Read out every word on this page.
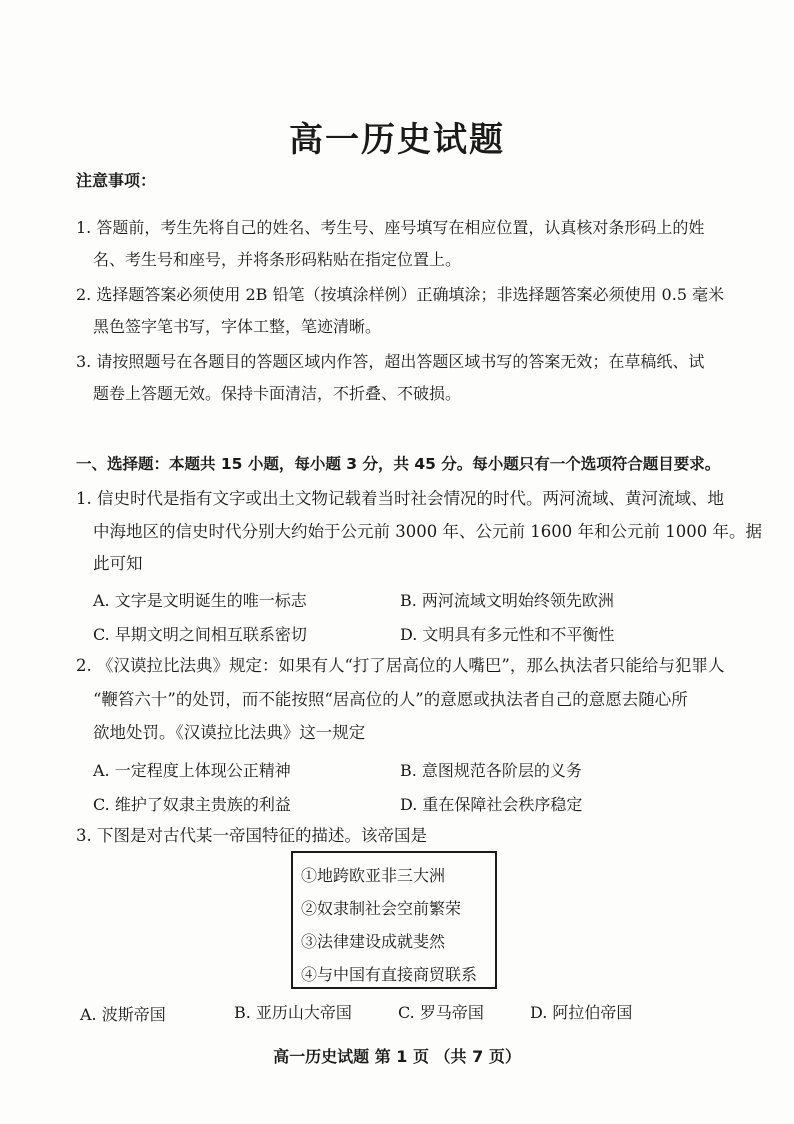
高一历史试题
注意事项：
1. 答题前，考生先将自己的姓名、考生号、座号填写在相应位置，认真核对条形码上的姓
名、考生号和座号，并将条形码粘贴在指定位置上。
2. 选择题答案必须使用 2B 铅笔（按填涂样例）正确填涂；非选择题答案必须使用 0.5 毫米
黑色签字笔书写，字体工整，笔迹清晰。
3. 请按照题号在各题目的答题区域内作答，超出答题区域书写的答案无效；在草稿纸、试
题卷上答题无效。保持卡面清洁，不折叠、不破损。
一、选择题：本题共 15 小题，每小题 3 分，共 45 分。每小题只有一个选项符合题目要求。
1. 信史时代是指有文字或出土文物记载着当时社会情况的时代。两河流域、黄河流域、地
中海地区的信史时代分别大约始于公元前 3000 年、公元前 1600 年和公元前 1000 年。据
此可知
A. 文字是文明诞生的唯一标志	B. 两河流域文明始终领先欧洲
C. 早期文明之间相互联系密切	D. 文明具有多元性和不平衡性
2. 《汉谟拉比法典》规定：如果有人“打了居高位的人嘴巴”，那么执法者只能给与犯罪人
“鞭笞六十”的处罚，而不能按照“居高位的人”的意愿或执法者自己的意愿去随心所
欲地处罚。《汉谟拉比法典》这一规定
A. 一定程度上体现公正精神	B. 意图规范各阶层的义务
C. 维护了奴隶主贵族的利益	D. 重在保障社会秩序稳定
3. 下图是对古代某一帝国特征的描述。该帝国是
①地跨欧亚非三大洲
②奴隶制社会空前繁荣
③法律建设成就斐然
④与中国有直接商贸联系
A. 波斯帝国	B. 亚历山大帝国	C. 罗马帝国	D. 阿拉伯帝国
高一历史试题 第 1 页 （共 7 页）
